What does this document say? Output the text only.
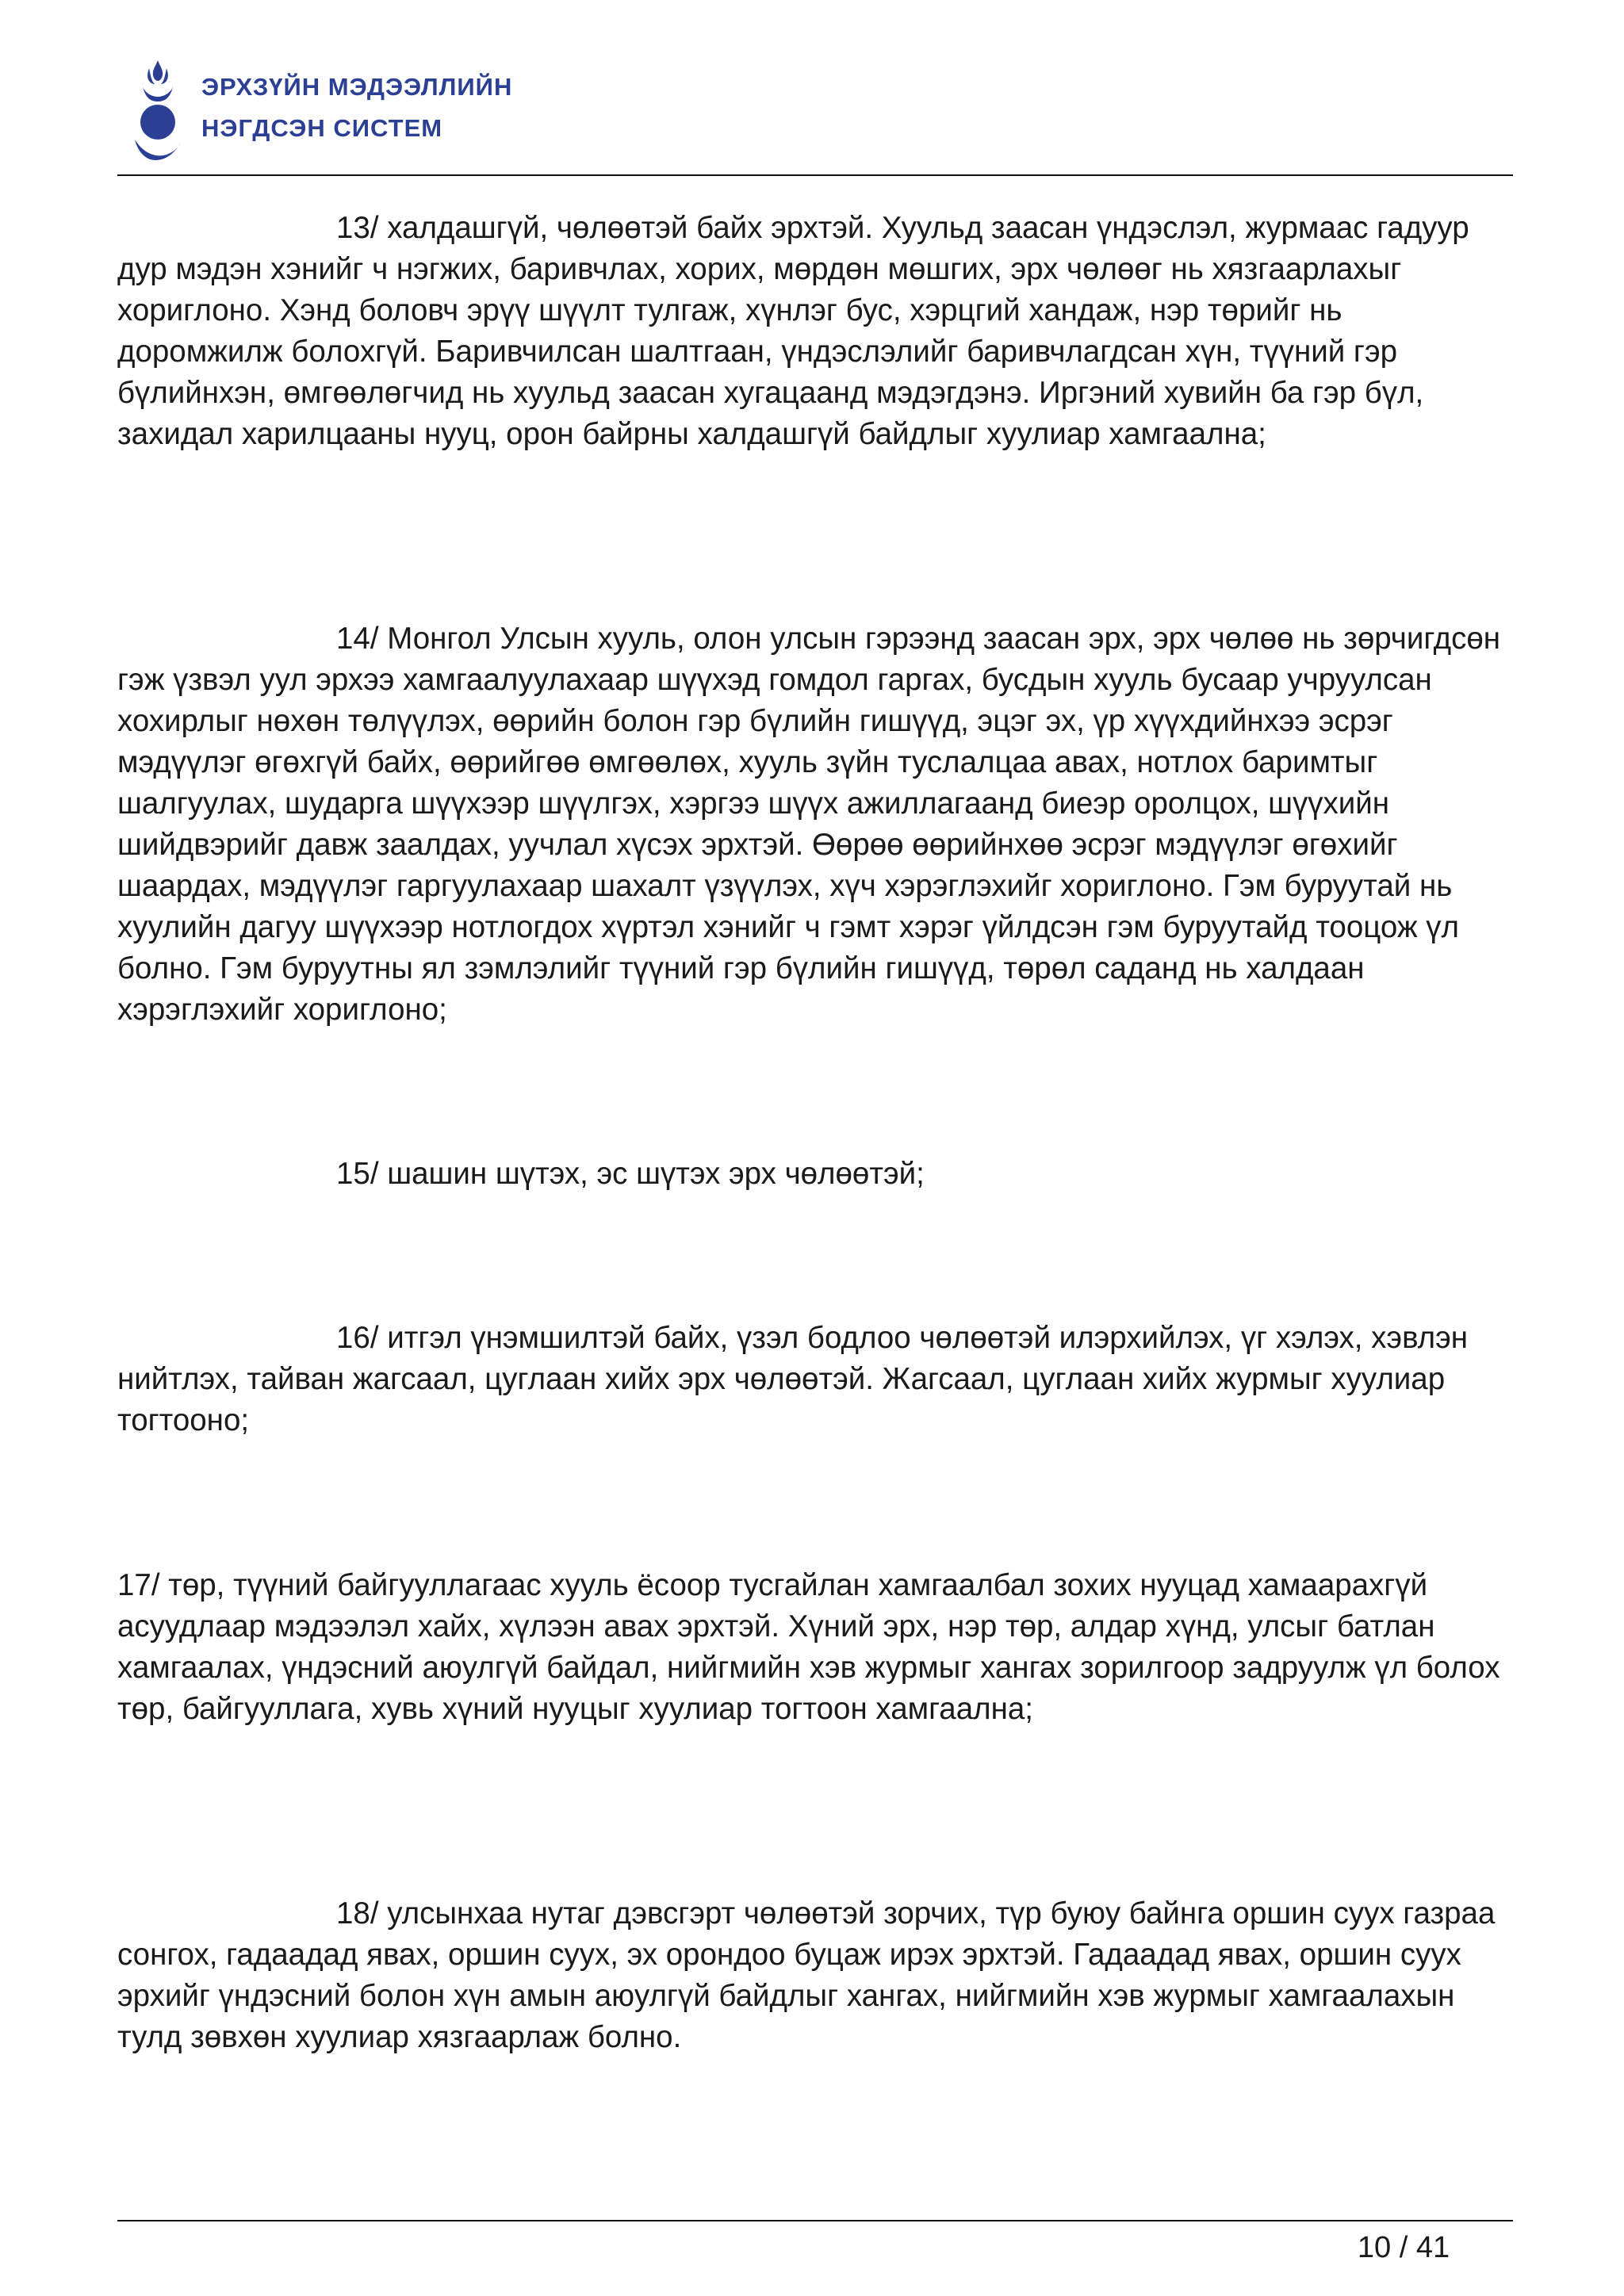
ЭРХЗҮЙН МЭДЭЭЛЛИЙН
НЭГДСЭН СИСТЕМ

13/ халдашгүй, чөлөөтэй байх эрхтэй. Хуульд заасан үндэслэл, журмаас гадуур дур мэдэн хэнийг ч нэгжих, баривчлах, хорих, мөрдөн мөшгих, эрх чөлөөг нь хязгаарлахыг хориглоно. Хэнд боловч эрүү шүүлт тулгаж, хүнлэг бус, хэрцгий хандаж, нэр төрийг нь доромжилж болохгүй. Баривчилсан шалтгаан, үндэслэлийг баривчлагдсан хүн, түүний гэр бүлийнхэн, өмгөөлөгчид нь хуульд заасан хугацаанд мэдэгдэнэ. Иргэний хувийн ба гэр бүл, захидал харилцааны нууц, орон байрны халдашгүй байдлыг хуулиар хамгаална;

14/ Монгол Улсын хууль, олон улсын гэрээнд заасан эрх, эрх чөлөө нь зөрчигдсөн гэж үзвэл уул эрхээ хамгаалуулахаар шүүхэд гомдол гаргах, бусдын хууль бусаар учруулсан хохирлыг нөхөн төлүүлэх, өөрийн болон гэр бүлийн гишүүд, эцэг эх, үр хүүхдийнхээ эсрэг мэдүүлэг өгөхгүй байх, өөрийгөө өмгөөлөх, хууль зүйн туслалцаа авах, нотлох баримтыг шалгуулах, шударга шүүхээр шүүлгэх, хэргээ шүүх ажиллагаанд биеэр оролцох, шүүхийн шийдвэрийг давж заалдах, уучлал хүсэх эрхтэй. Өөрөө өөрийнхөө эсрэг мэдүүлэг өгөхийг шаардах, мэдүүлэг гаргуулахаар шахалт үзүүлэх, хүч хэрэглэхийг хориглоно. Гэм буруутай нь хуулийн дагуу шүүхээр нотлогдох хүртэл хэнийг ч гэмт хэрэг үйлдсэн гэм буруутайд тооцож үл болно. Гэм буруутны ял зэмлэлийг түүний гэр бүлийн гишүүд, төрөл саданд нь халдаан хэрэглэхийг хориглоно;

15/ шашин шүтэх, эс шүтэх эрх чөлөөтэй;

16/ итгэл үнэмшилтэй байх, үзэл бодлоо чөлөөтэй илэрхийлэх, үг хэлэх, хэвлэн нийтлэх, тайван жагсаал, цуглаан хийх эрх чөлөөтэй. Жагсаал, цуглаан хийх журмыг хуулиар тогтооно;

17/ төр, түүний байгууллагаас хууль ёсоор тусгайлан хамгаалбал зохих нууцад хамаарахгүй асуудлаар мэдээлэл хайх, хүлээн авах эрхтэй. Хүний эрх, нэр төр, алдар хүнд, улсыг батлан хамгаалах, үндэсний аюулгүй байдал, нийгмийн хэв журмыг хангах зорилгоор задруулж үл болох төр, байгууллага, хувь хүний нууцыг хуулиар тогтоон хамгаална;

18/ улсынхаа нутаг дэвсгэрт чөлөөтэй зорчих, түр буюу байнга оршин суух газраа сонгох, гадаадад явах, оршин суух, эх орондоо буцаж ирэх эрхтэй. Гадаадад явах, оршин суух эрхийг үндэсний болон хүн амын аюулгүй байдлыг хангах, нийгмийн хэв журмыг хамгаалахын тулд зөвхөн хуулиар хязгаарлаж болно.

10 / 41
